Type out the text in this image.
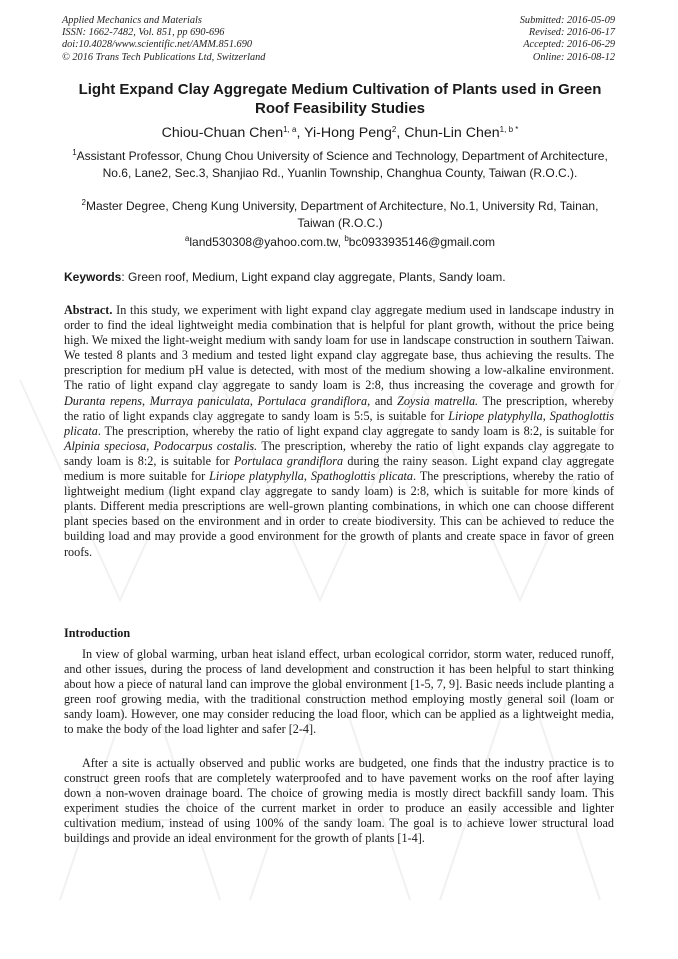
Applied Mechanics and Materials
ISSN: 1662-7482, Vol. 851, pp 690-696
doi:10.4028/www.scientific.net/AMM.851.690
© 2016 Trans Tech Publications Ltd, Switzerland
Submitted: 2016-05-09
Revised: 2016-06-17
Accepted: 2016-06-29
Online: 2016-08-12
Light Expand Clay Aggregate Medium Cultivation of Plants used in Green Roof Feasibility Studies
Chiou-Chuan Chen$^{1, a}$, Yi-Hong Peng$^2$, Chun-Lin Chen$^{1, b *}$
$^1$Assistant Professor, Chung Chou University of Science and Technology, Department of Architecture, No.6, Lane2, Sec.3, Shanjiao Rd., Yuanlin Township, Changhua County, Taiwan (R.O.C.).
$^2$Master Degree, Cheng Kung University, Department of Architecture, No.1, University Rd, Tainan, Taiwan (R.O.C.)
$^a$land530308@yahoo.com.tw, $^b$bc0933935146@gmail.com
Keywords: Green roof, Medium, Light expand clay aggregate, Plants, Sandy loam.
Abstract. In this study, we experiment with light expand clay aggregate medium used in landscape industry in order to find the ideal lightweight media combination that is helpful for plant growth, without the price being high. We mixed the light-weight medium with sandy loam for use in landscape construction in southern Taiwan. We tested 8 plants and 3 medium and tested light expand clay aggregate base, thus achieving the results. The prescription for medium pH value is detected, with most of the medium showing a low-alkaline environment. The ratio of light expand clay aggregate to sandy loam is 2:8, thus increasing the coverage and growth for Duranta repens, Murraya paniculata, Portulaca grandiflora, and Zoysia matrella. The prescription, whereby the ratio of light expands clay aggregate to sandy loam is 5:5, is suitable for Liriope platyphylla, Spathoglottis plicata. The prescription, whereby the ratio of light expand clay aggregate to sandy loam is 8:2, is suitable for Alpinia speciosa, Podocarpus costalis. The prescription, whereby the ratio of light expands clay aggregate to sandy loam is 8:2, is suitable for Portulaca grandiflora during the rainy season. Light expand clay aggregate medium is more suitable for Liriope platyphylla, Spathoglottis plicata. The prescriptions, whereby the ratio of lightweight medium (light expand clay aggregate to sandy loam) is 2:8, which is suitable for more kinds of plants. Different media prescriptions are well-grown planting combinations, in which one can choose different plant species based on the environment and in order to create biodiversity. This can be achieved to reduce the building load and may provide a good environment for the growth of plants and create space in favor of green roofs.
Introduction
In view of global warming, urban heat island effect, urban ecological corridor, storm water, reduced runoff, and other issues, during the process of land development and construction it has been helpful to start thinking about how a piece of natural land can improve the global environment [1-5, 7, 9]. Basic needs include planting a green roof growing media, with the traditional construction method employing mostly general soil (loam or sandy loam). However, one may consider reducing the load floor, which can be applied as a lightweight media, to make the body of the load lighter and safer [2-4].
After a site is actually observed and public works are budgeted, one finds that the industry practice is to construct green roofs that are completely waterproofed and to have pavement works on the roof after laying down a non-woven drainage board. The choice of growing media is mostly direct backfill sandy loam. This experiment studies the choice of the current market in order to produce an easily accessible and lighter cultivation medium, instead of using 100% of the sandy loam. The goal is to achieve lower structural load buildings and provide an ideal environment for the growth of plants [1-4].
